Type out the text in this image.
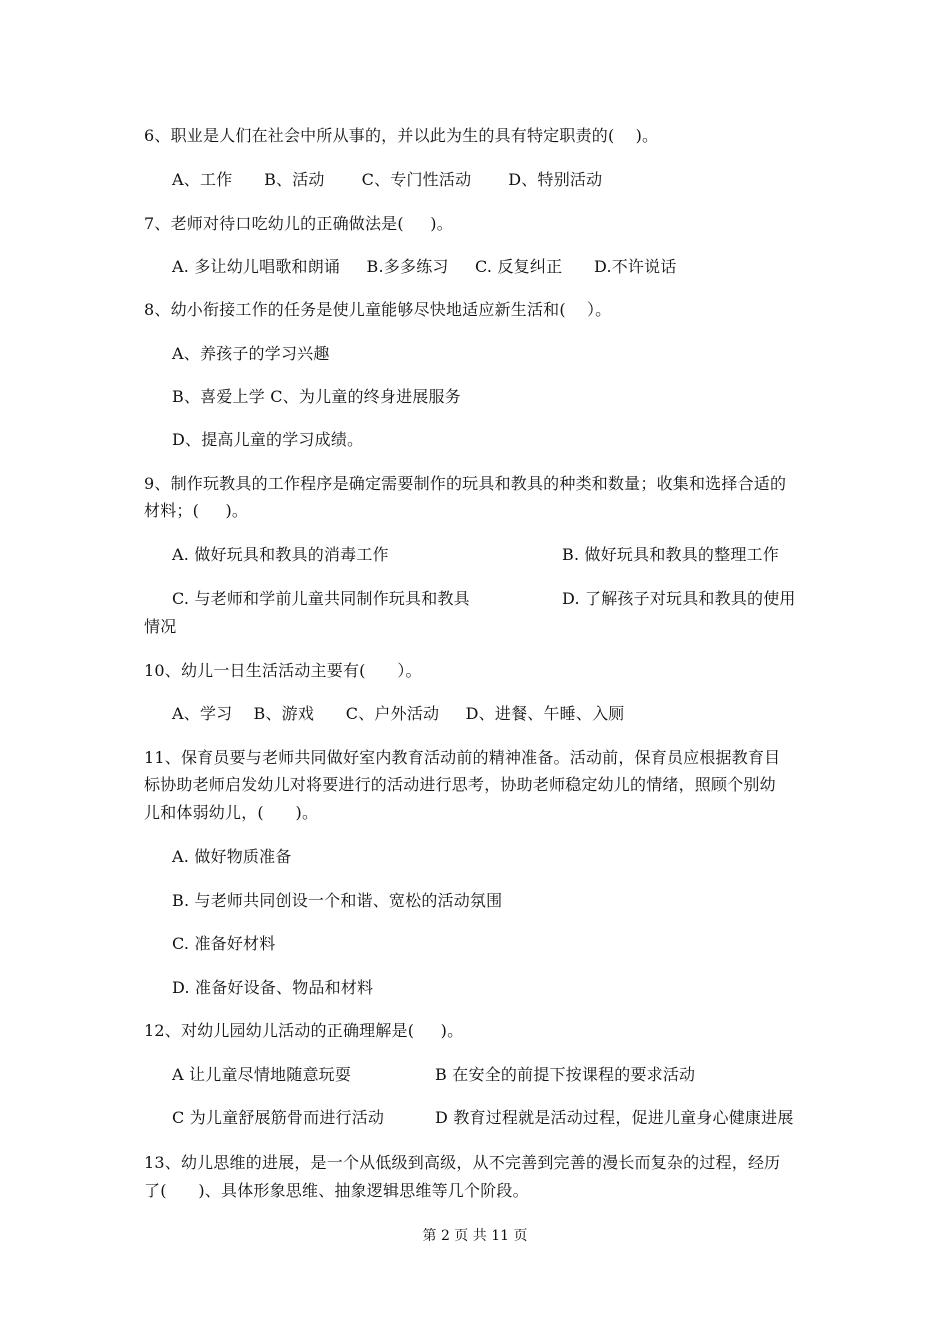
6、职业是人们在社会中所从事的，并以此为生的具有特定职责的(    )。
A、工作      B、活动       C、专门性活动       D、特别活动
7、老师对待口吃幼儿的正确做法是(     )。
A. 多让幼儿唱歌和朗诵     B.多多练习     C. 反复纠正      D.不许说话
8、幼小衔接工作的任务是使儿童能够尽快地适应新生活和(    ）。
A、养孩子的学习兴趣
B、喜爱上学 C、为儿童的终身进展服务
D、提高儿童的学习成绩。
9、制作玩教具的工作程序是确定需要制作的玩具和教具的种类和数量；收集和选择合适的
材料；(     )。
A. 做好玩具和教具的消毒工作	B. 做好玩具和教具的整理工作
C. 与老师和学前儿童共同制作玩具和教具	D. 了解孩子对玩具和教具的使用
情况
10、幼儿一日生活活动主要有(      ）。
A、学习    B、游戏      C、户外活动     D、进餐、午睡、入厕
11、保育员要与老师共同做好室内教育活动前的精神准备。活动前，保育员应根据教育目
标协助老师启发幼儿对将要进行的活动进行思考，协助老师稳定幼儿的情绪，照顾个别幼
儿和体弱幼儿，(      )。
A. 做好物质准备
B. 与老师共同创设一个和谐、宽松的活动氛围
C. 准备好材料
D. 准备好设备、物品和材料
12、对幼儿园幼儿活动的正确理解是(     )。
A 让儿童尽情地随意玩耍	B 在安全的前提下按课程的要求活动
C 为儿童舒展筋骨而进行活动	D 教育过程就是活动过程，促进儿童身心健康进展
13、幼儿思维的进展，是一个从低级到高级，从不完善到完善的漫长而复杂的过程，经历
了(      )、具体形象思维、抽象逻辑思维等几个阶段。
第 2 页 共 11 页
